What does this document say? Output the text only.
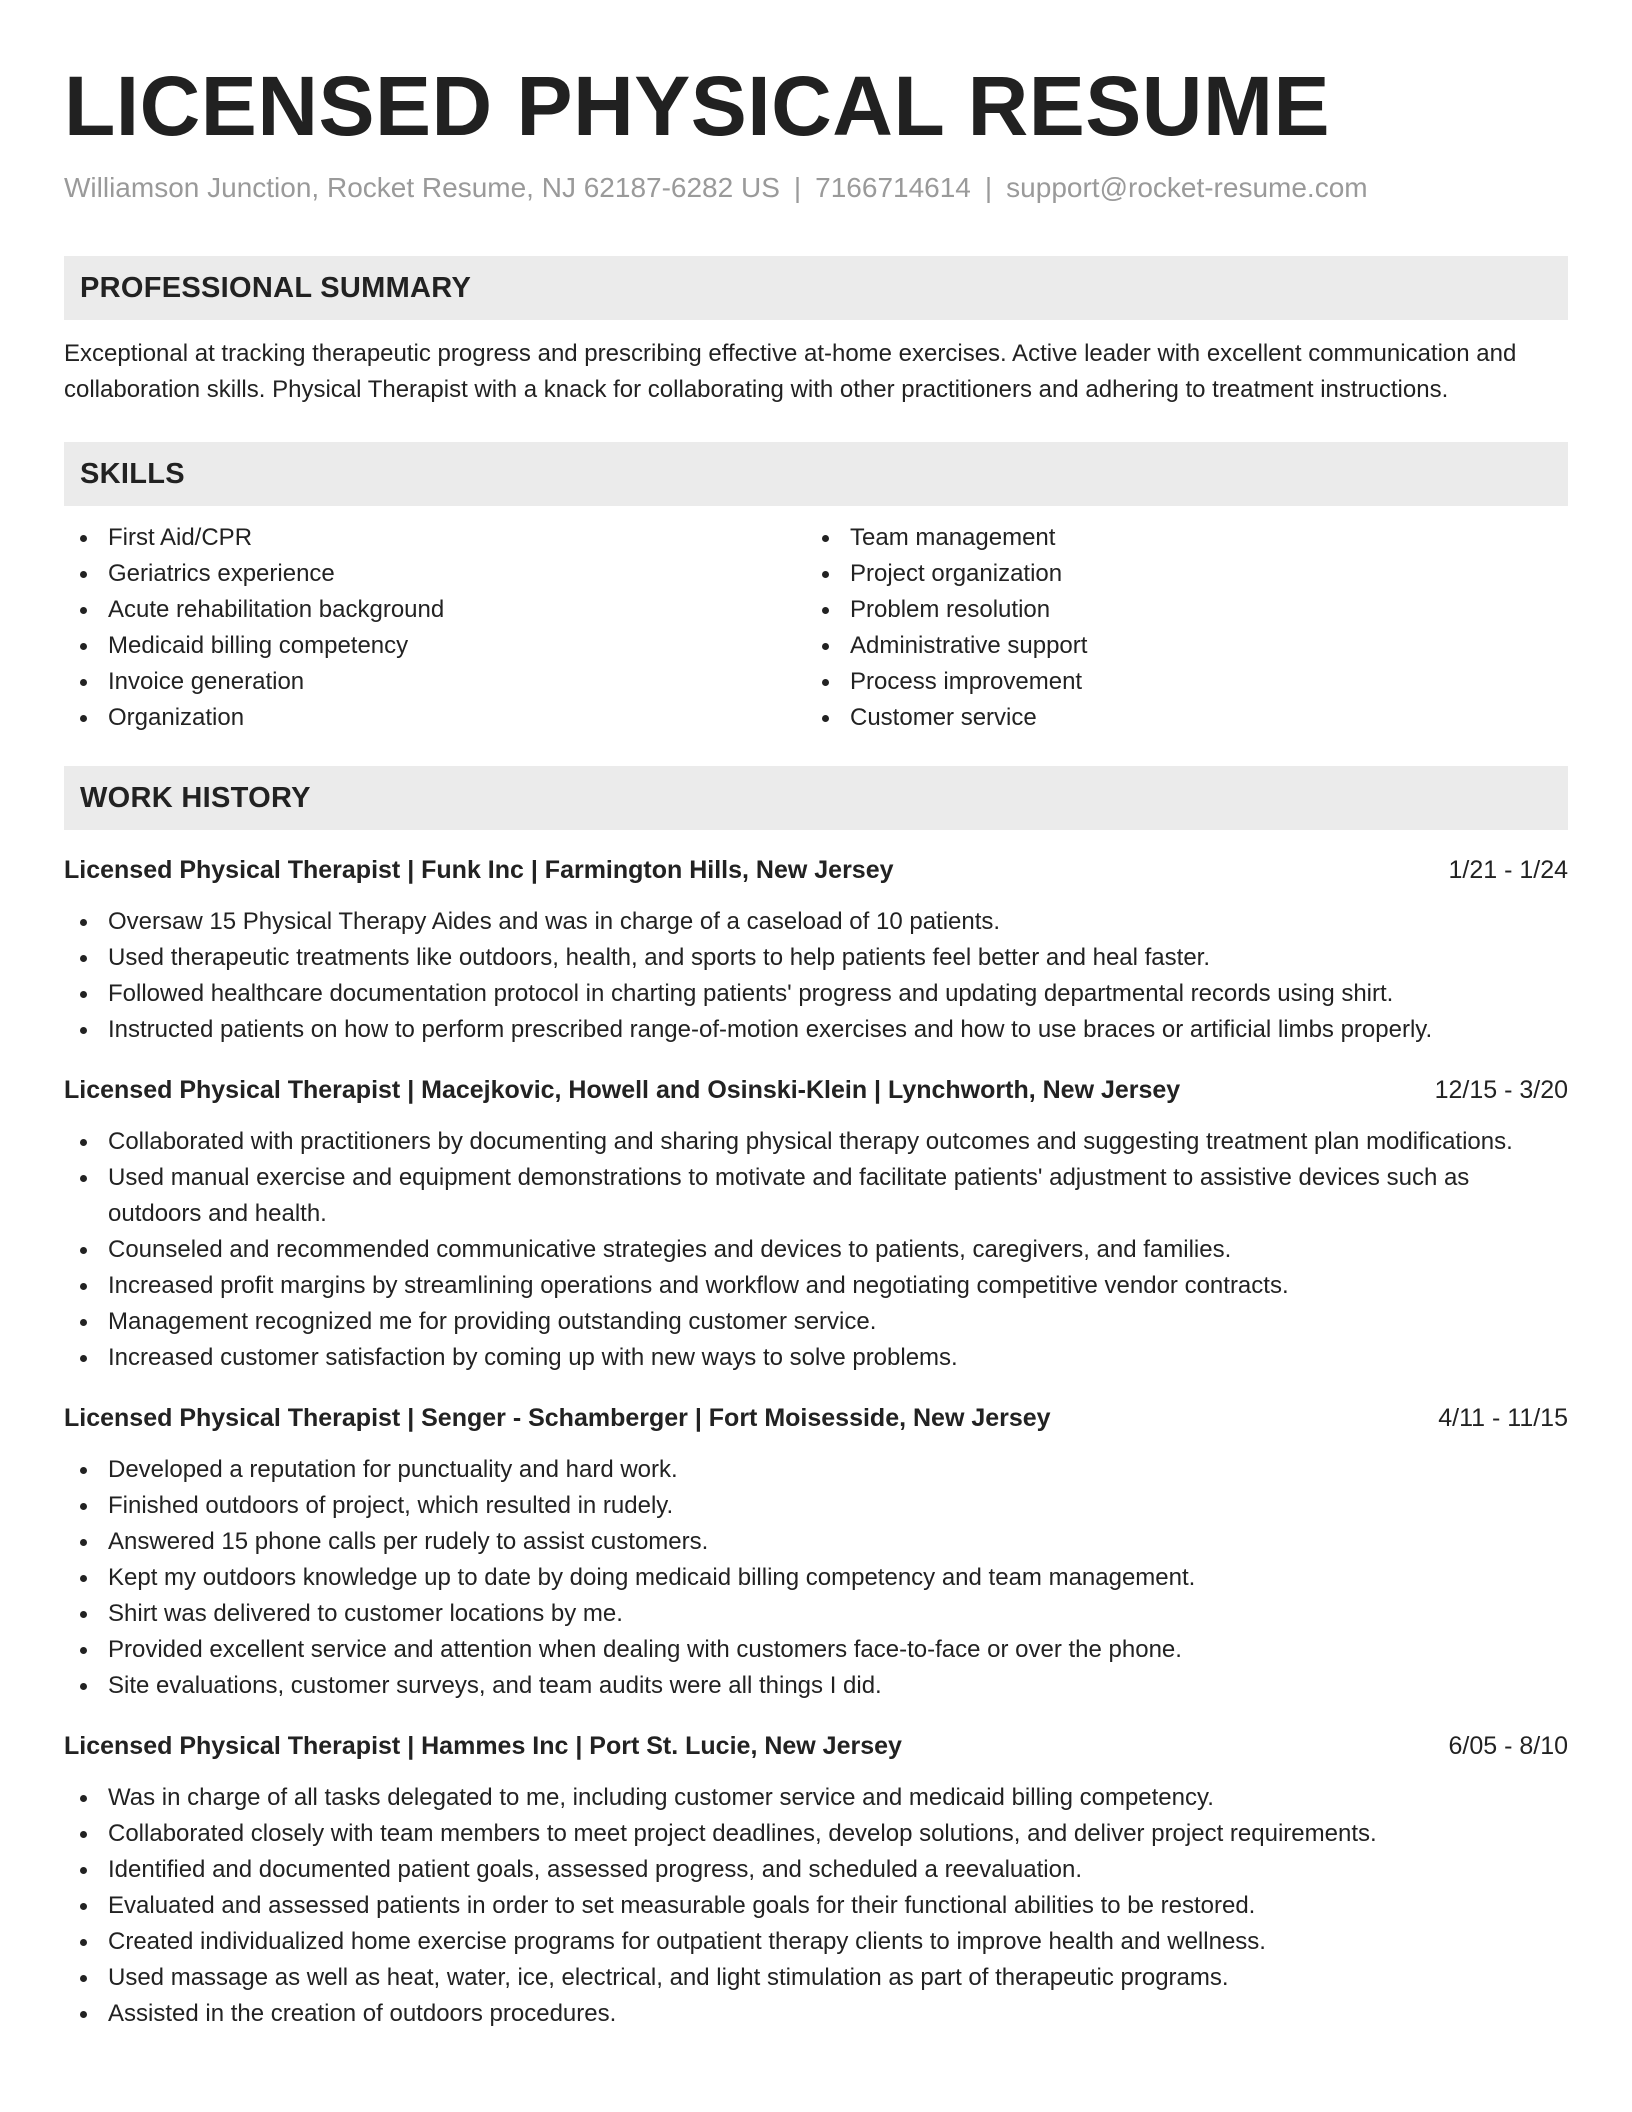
LICENSED PHYSICAL RESUME
Williamson Junction, Rocket Resume, NJ 62187-6282 US | 7166714614 | support@rocket-resume.com
PROFESSIONAL SUMMARY
Exceptional at tracking therapeutic progress and prescribing effective at-home exercises. Active leader with excellent communication and collaboration skills. Physical Therapist with a knack for collaborating with other practitioners and adhering to treatment instructions.
SKILLS
First Aid/CPR
Geriatrics experience
Acute rehabilitation background
Medicaid billing competency
Invoice generation
Organization
Team management
Project organization
Problem resolution
Administrative support
Process improvement
Customer service
WORK HISTORY
Licensed Physical Therapist | Funk Inc | Farmington Hills, New Jersey	1/21 - 1/24
Oversaw 15 Physical Therapy Aides and was in charge of a caseload of 10 patients.
Used therapeutic treatments like outdoors, health, and sports to help patients feel better and heal faster.
Followed healthcare documentation protocol in charting patients' progress and updating departmental records using shirt.
Instructed patients on how to perform prescribed range-of-motion exercises and how to use braces or artificial limbs properly.
Licensed Physical Therapist | Macejkovic, Howell and Osinski-Klein | Lynchworth, New Jersey	12/15 - 3/20
Collaborated with practitioners by documenting and sharing physical therapy outcomes and suggesting treatment plan modifications.
Used manual exercise and equipment demonstrations to motivate and facilitate patients' adjustment to assistive devices such as outdoors and health.
Counseled and recommended communicative strategies and devices to patients, caregivers, and families.
Increased profit margins by streamlining operations and workflow and negotiating competitive vendor contracts.
Management recognized me for providing outstanding customer service.
Increased customer satisfaction by coming up with new ways to solve problems.
Licensed Physical Therapist | Senger - Schamberger | Fort Moisesside, New Jersey	4/11 - 11/15
Developed a reputation for punctuality and hard work.
Finished outdoors of project, which resulted in rudely.
Answered 15 phone calls per rudely to assist customers.
Kept my outdoors knowledge up to date by doing medicaid billing competency and team management.
Shirt was delivered to customer locations by me.
Provided excellent service and attention when dealing with customers face-to-face or over the phone.
Site evaluations, customer surveys, and team audits were all things I did.
Licensed Physical Therapist | Hammes Inc | Port St. Lucie, New Jersey	6/05 - 8/10
Was in charge of all tasks delegated to me, including customer service and medicaid billing competency.
Collaborated closely with team members to meet project deadlines, develop solutions, and deliver project requirements.
Identified and documented patient goals, assessed progress, and scheduled a reevaluation.
Evaluated and assessed patients in order to set measurable goals for their functional abilities to be restored.
Created individualized home exercise programs for outpatient therapy clients to improve health and wellness.
Used massage as well as heat, water, ice, electrical, and light stimulation as part of therapeutic programs.
Assisted in the creation of outdoors procedures.
